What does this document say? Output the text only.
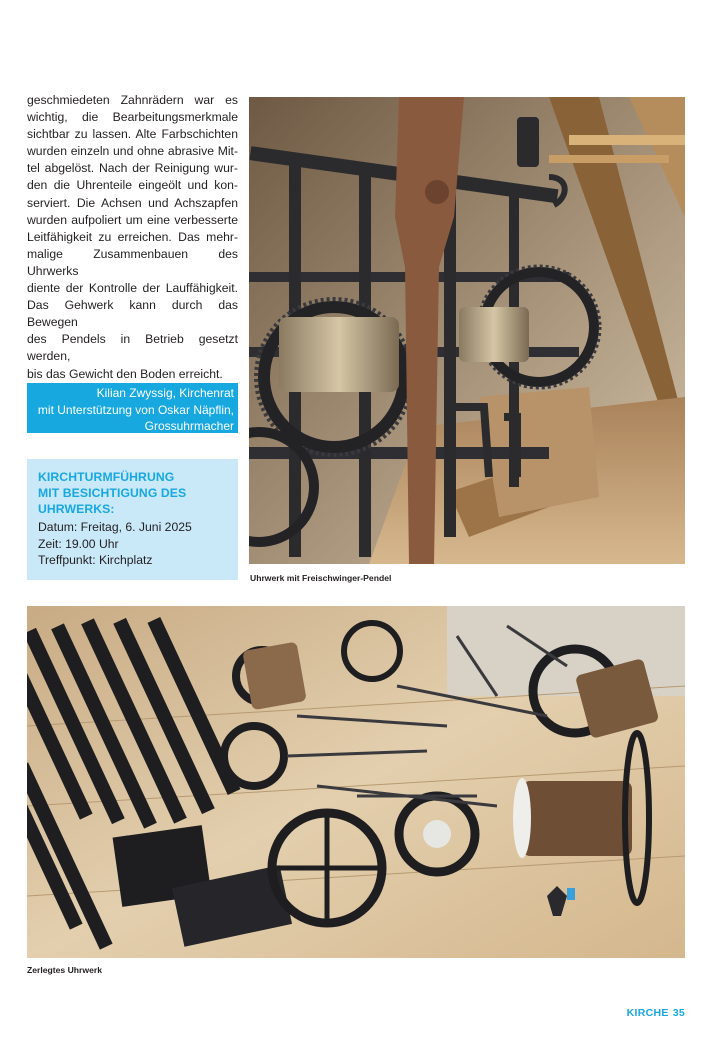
geschmiedeten Zahnrädern war es
wichtig, die Bearbeitungsmerkmale
sichtbar zu lassen. Alte Farbschichten
wurden einzeln und ohne abrasive Mit-
tel abgelöst. Nach der Reinigung wur-
den die Uhrenteile eingeölt und kon-
serviert. Die Achsen und Achszapfen
wurden aufpoliert um eine verbesserte
Leitfähigkeit zu erreichen. Das mehr-
malige Zusammenbauen des Uhrwerks
diente der Kontrolle der Lauffähigkeit.
Das Gehwerk kann durch das Bewegen
des Pendels in Betrieb gesetzt werden,
bis das Gewicht den Boden erreicht.

Kilian Zwyssig, Kirchenrat
mit Unterstützung von Oskar Näpflin,
Grossuhrmacher
KIRCHTURMFÜHRUNG
MIT BESICHTIGUNG DES
UHRWERKS:
Datum: Freitag, 6. Juni 2025
Zeit: 19.00 Uhr
Treffpunkt: Kirchplatz
Uhrwerk mit Freischwinger-Pendel
Zerlegtes Uhrwerk
KIRCHE 35
